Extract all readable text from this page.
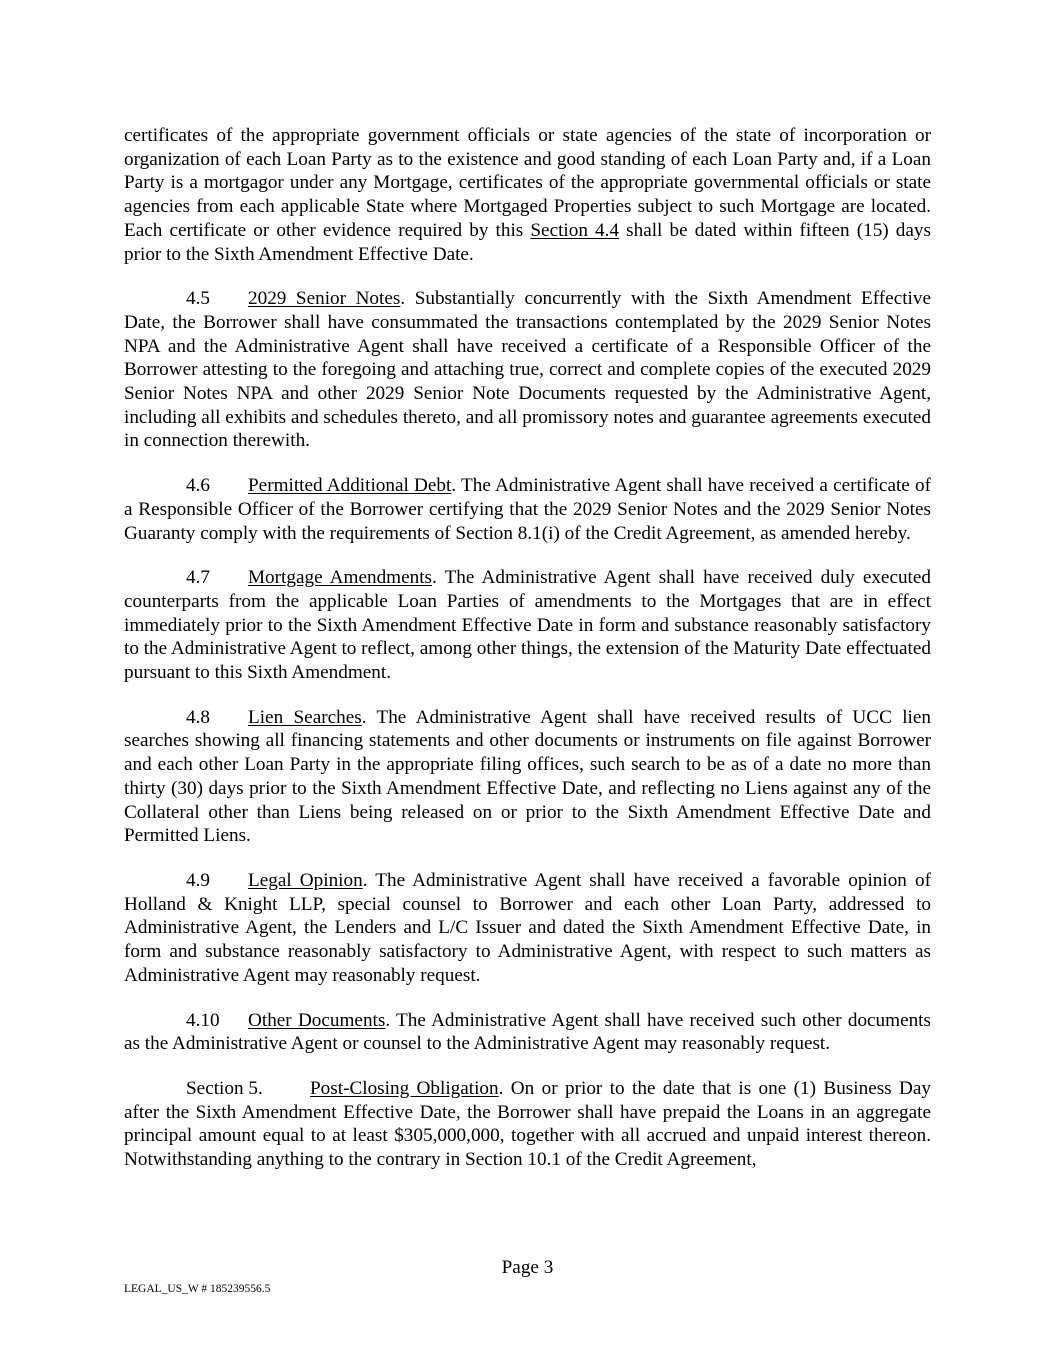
certificates of the appropriate government officials or state agencies of the state of incorporation or organization of each Loan Party as to the existence and good standing of each Loan Party and, if a Loan Party is a mortgagor under any Mortgage, certificates of the appropriate governmental officials or state agencies from each applicable State where Mortgaged Properties subject to such Mortgage are located. Each certificate or other evidence required by this Section 4.4 shall be dated within fifteen (15) days prior to the Sixth Amendment Effective Date.

4.5 2029 Senior Notes. Substantially concurrently with the Sixth Amendment Effective Date, the Borrower shall have consummated the transactions contemplated by the 2029 Senior Notes NPA and the Administrative Agent shall have received a certificate of a Responsible Officer of the Borrower attesting to the foregoing and attaching true, correct and complete copies of the executed 2029 Senior Notes NPA and other 2029 Senior Note Documents requested by the Administrative Agent, including all exhibits and schedules thereto, and all promissory notes and guarantee agreements executed in connection therewith.

4.6 Permitted Additional Debt. The Administrative Agent shall have received a certificate of a Responsible Officer of the Borrower certifying that the 2029 Senior Notes and the 2029 Senior Notes Guaranty comply with the requirements of Section 8.1(i) of the Credit Agreement, as amended hereby.

4.7 Mortgage Amendments. The Administrative Agent shall have received duly executed counterparts from the applicable Loan Parties of amendments to the Mortgages that are in effect immediately prior to the Sixth Amendment Effective Date in form and substance reasonably satisfactory to the Administrative Agent to reflect, among other things, the extension of the Maturity Date effectuated pursuant to this Sixth Amendment.

4.8 Lien Searches. The Administrative Agent shall have received results of UCC lien searches showing all financing statements and other documents or instruments on file against Borrower and each other Loan Party in the appropriate filing offices, such search to be as of a date no more than thirty (30) days prior to the Sixth Amendment Effective Date, and reflecting no Liens against any of the Collateral other than Liens being released on or prior to the Sixth Amendment Effective Date and Permitted Liens.

4.9 Legal Opinion. The Administrative Agent shall have received a favorable opinion of Holland & Knight LLP, special counsel to Borrower and each other Loan Party, addressed to Administrative Agent, the Lenders and L/C Issuer and dated the Sixth Amendment Effective Date, in form and substance reasonably satisfactory to Administrative Agent, with respect to such matters as Administrative Agent may reasonably request.

4.10 Other Documents. The Administrative Agent shall have received such other documents as the Administrative Agent or counsel to the Administrative Agent may reasonably request.

Section 5. Post-Closing Obligation. On or prior to the date that is one (1) Business Day after the Sixth Amendment Effective Date, the Borrower shall have prepaid the Loans in an aggregate principal amount equal to at least $305,000,000, together with all accrued and unpaid interest thereon. Notwithstanding anything to the contrary in Section 10.1 of the Credit Agreement,

Page 3
LEGAL_US_W # 185239556.5
